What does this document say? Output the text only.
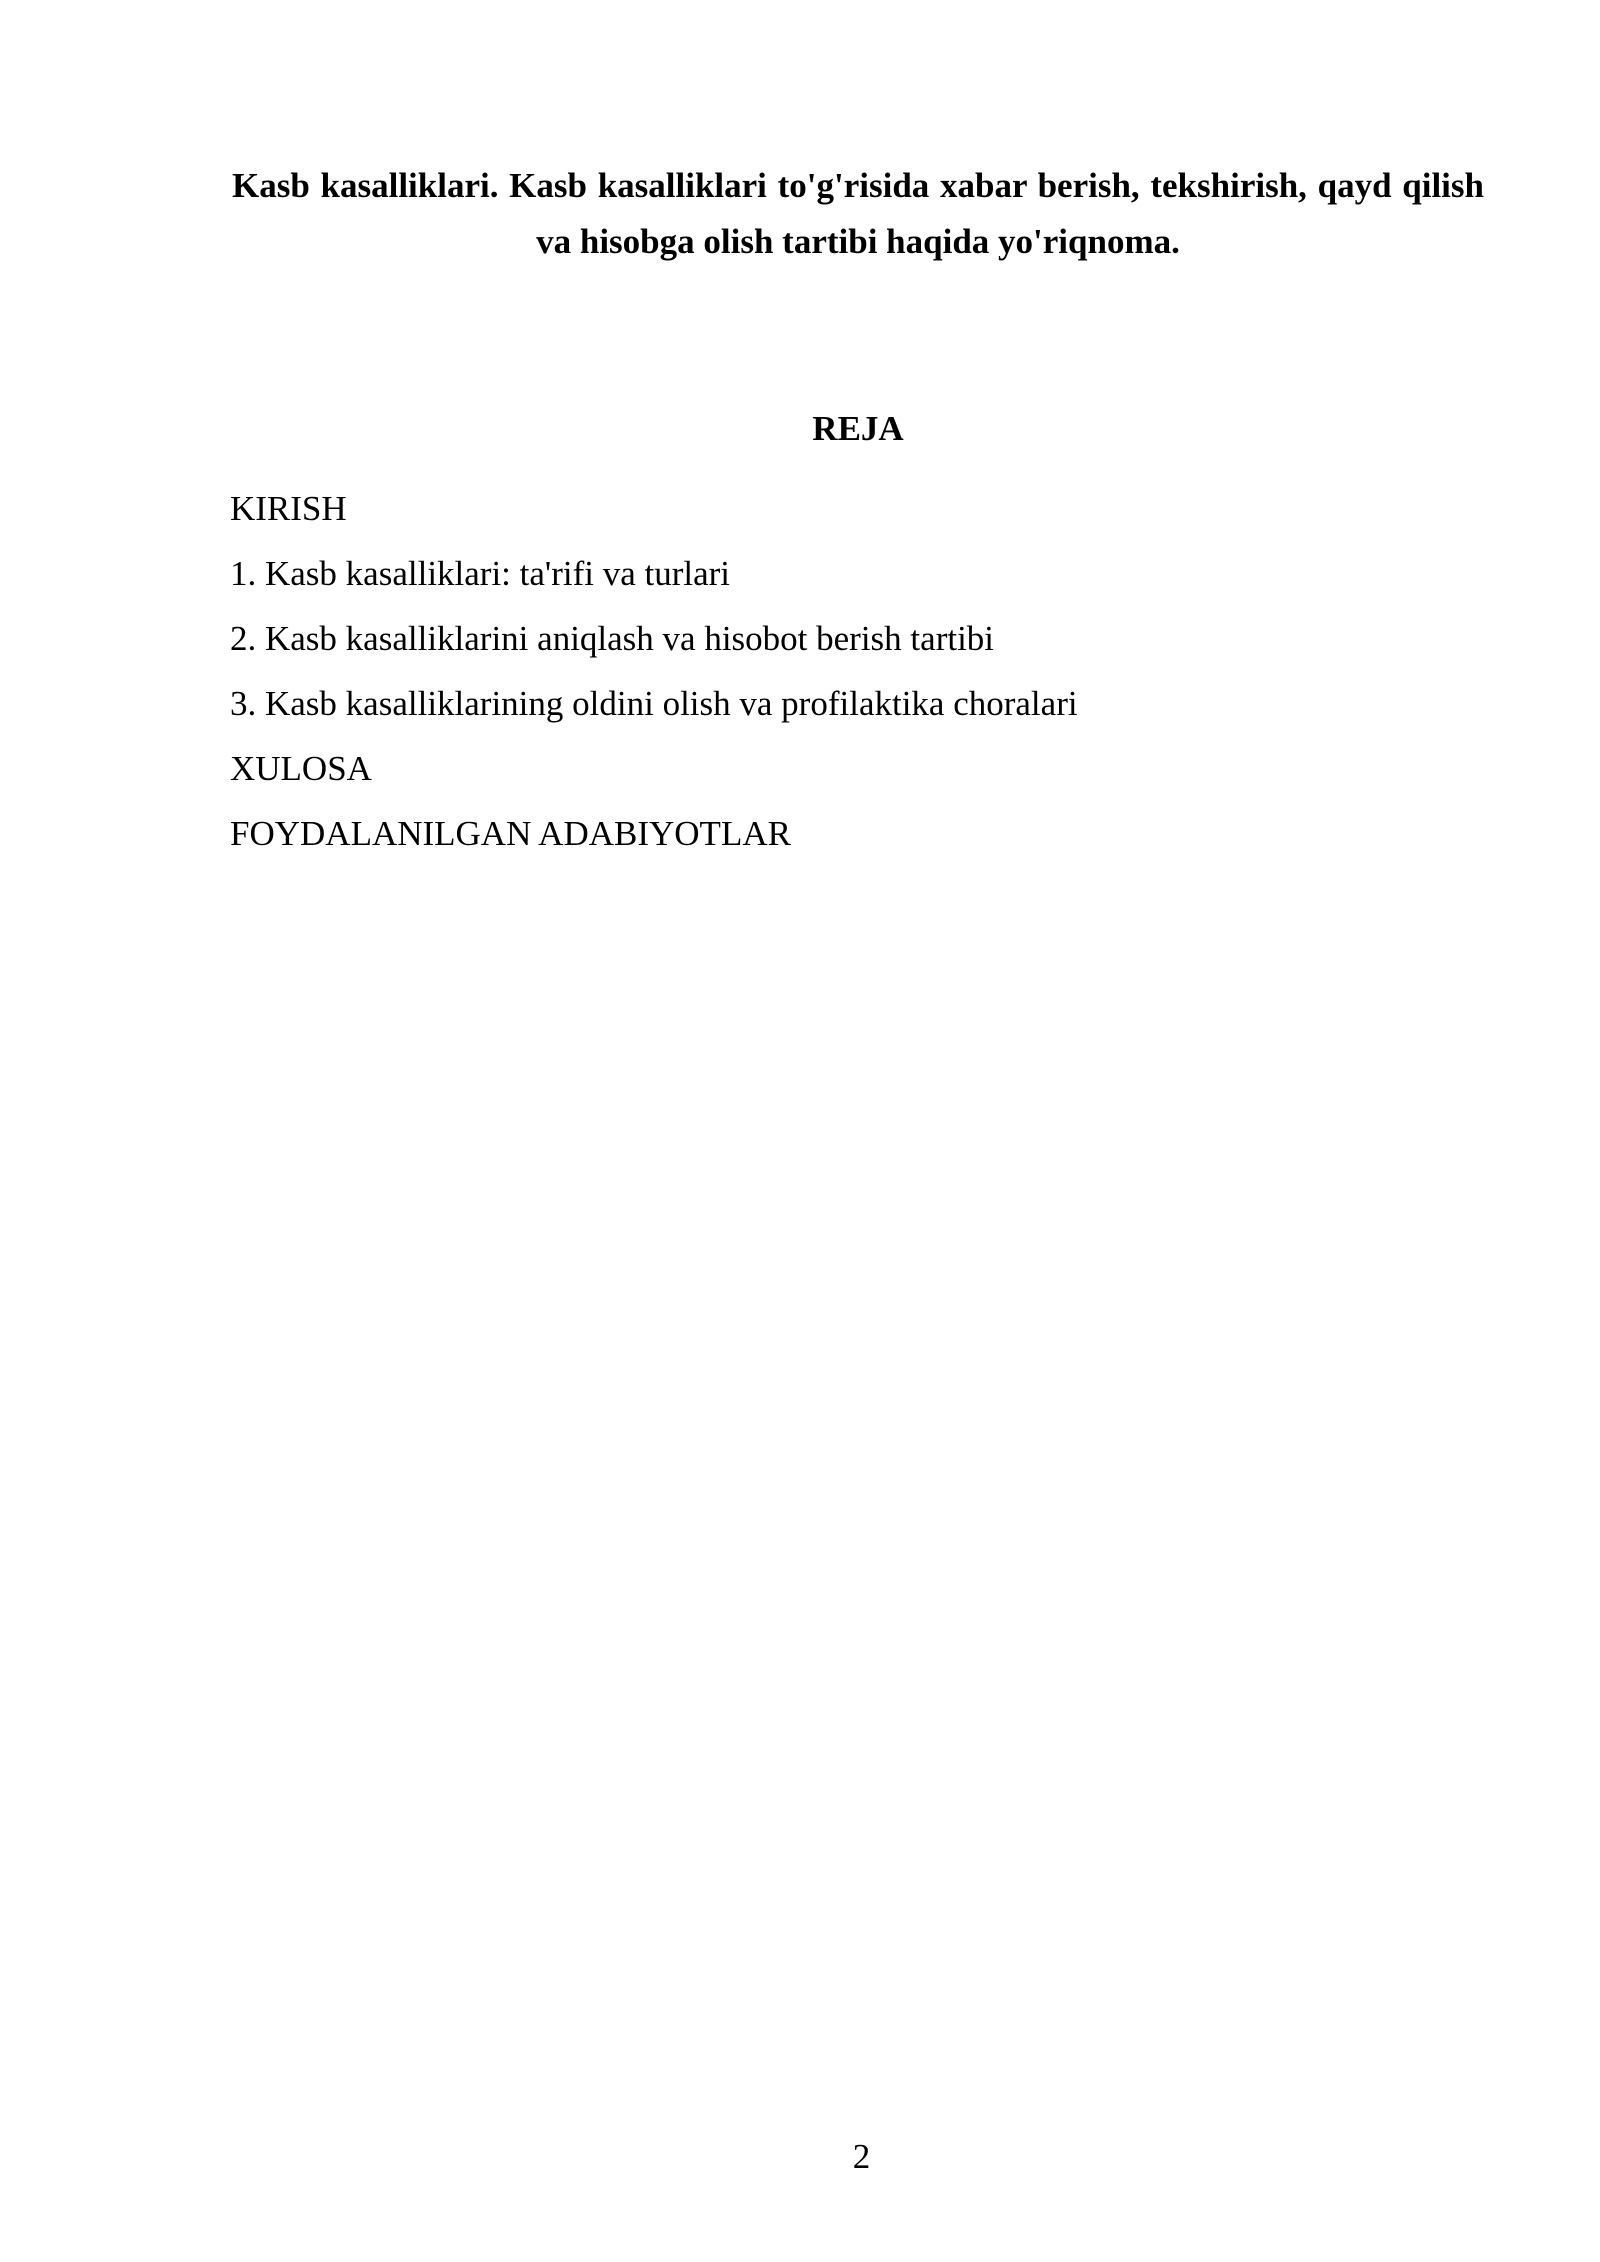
Kasb kasalliklari. Kasb kasalliklari to'g'risida xabar berish, tekshirish, qayd qilish va hisobga olish tartibi haqida yo'riqnoma.
REJA
KIRISH
1. Kasb kasalliklari: ta'rifi va turlari
2. Kasb kasalliklarini aniqlash va hisobot berish tartibi
3. Kasb kasalliklarining oldini olish va profilaktika choralari
XULOSA
FOYDALANILGAN ADABIYOTLAR
2
